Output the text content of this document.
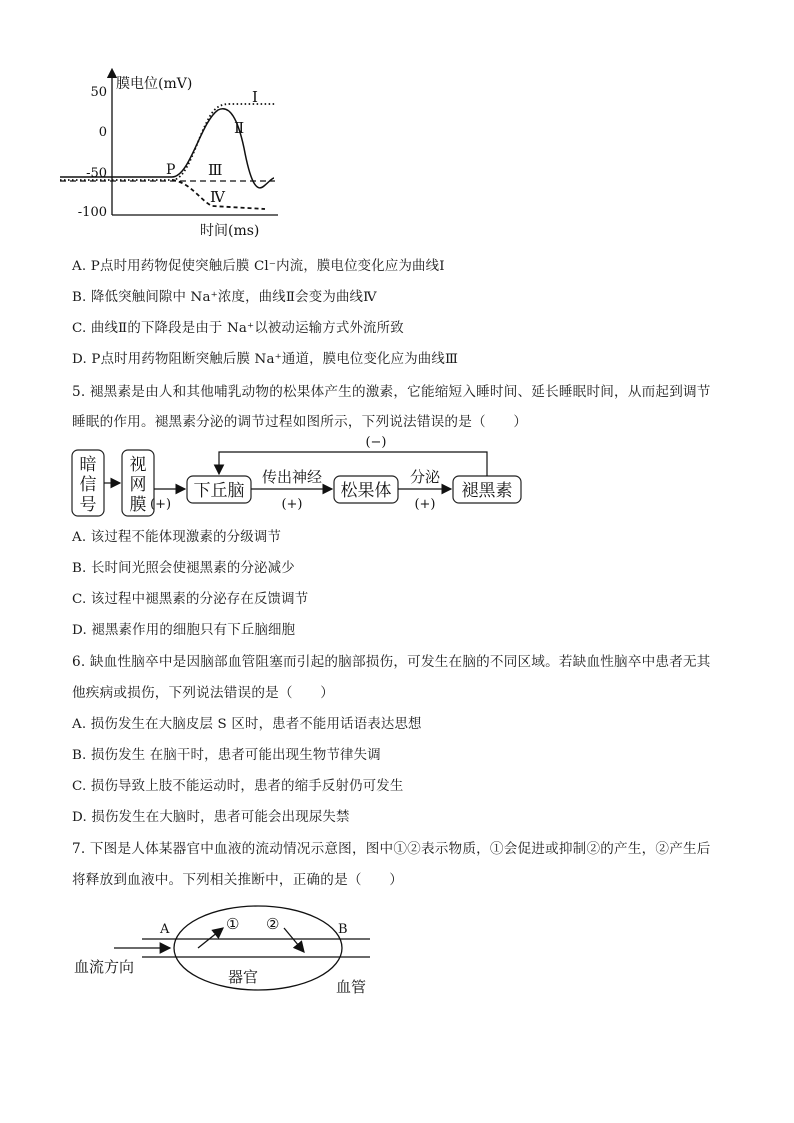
膜电位(mV)
50
0
-50
-100
时间(ms)
P
Ⅰ
Ⅱ
Ⅲ
Ⅳ
A. P点时用药物促使突触后膜 Cl⁻内流，膜电位变化应为曲线Ⅰ
B. 降低突触间隙中 Na⁺浓度，曲线Ⅱ会变为曲线Ⅳ
C. 曲线Ⅱ的下降段是由于 Na⁺以被动运输方式外流所致
D. P点时用药物阻断突触后膜 Na⁺通道，膜电位变化应为曲线Ⅲ
5. 褪黑素是由人和其他哺乳动物的松果体产生的激素，它能缩短入睡时间、延长睡眠时间，从而起到调节
睡眠的作用。褪黑素分泌的调节过程如图所示，下列说法错误的是（　　）
暗
信
号
视
网
膜 (+)
下丘脑
传出神经
(+)
松果体
分泌
(+)
褪黑素
(−)
A. 该过程不能体现激素的分级调节
B. 长时间光照会使褪黑素的分泌减少
C. 该过程中褪黑素的分泌存在反馈调节
D. 褪黑素作用的细胞只有下丘脑细胞
6. 缺血性脑卒中是因脑部血管阻塞而引起的脑部损伤，可发生在脑的不同区域。若缺血性脑卒中患者无其
他疾病或损伤，下列说法错误的是（　　）
A. 损伤发生在大脑皮层 S 区时，患者不能用话语表达思想
B. 损伤发生 在脑干时，患者可能出现生物节律失调
C. 损伤导致上肢不能运动时，患者的缩手反射仍可发生
D. 损伤发生在大脑时，患者可能会出现尿失禁
7. 下图是人体某器官中血液的流动情况示意图，图中①②表示物质，①会促进或抑制②的产生，②产生后
将释放到血液中。下列相关推断中，正确的是（　　）
A	B
① ②
血流方向
器官
血管
